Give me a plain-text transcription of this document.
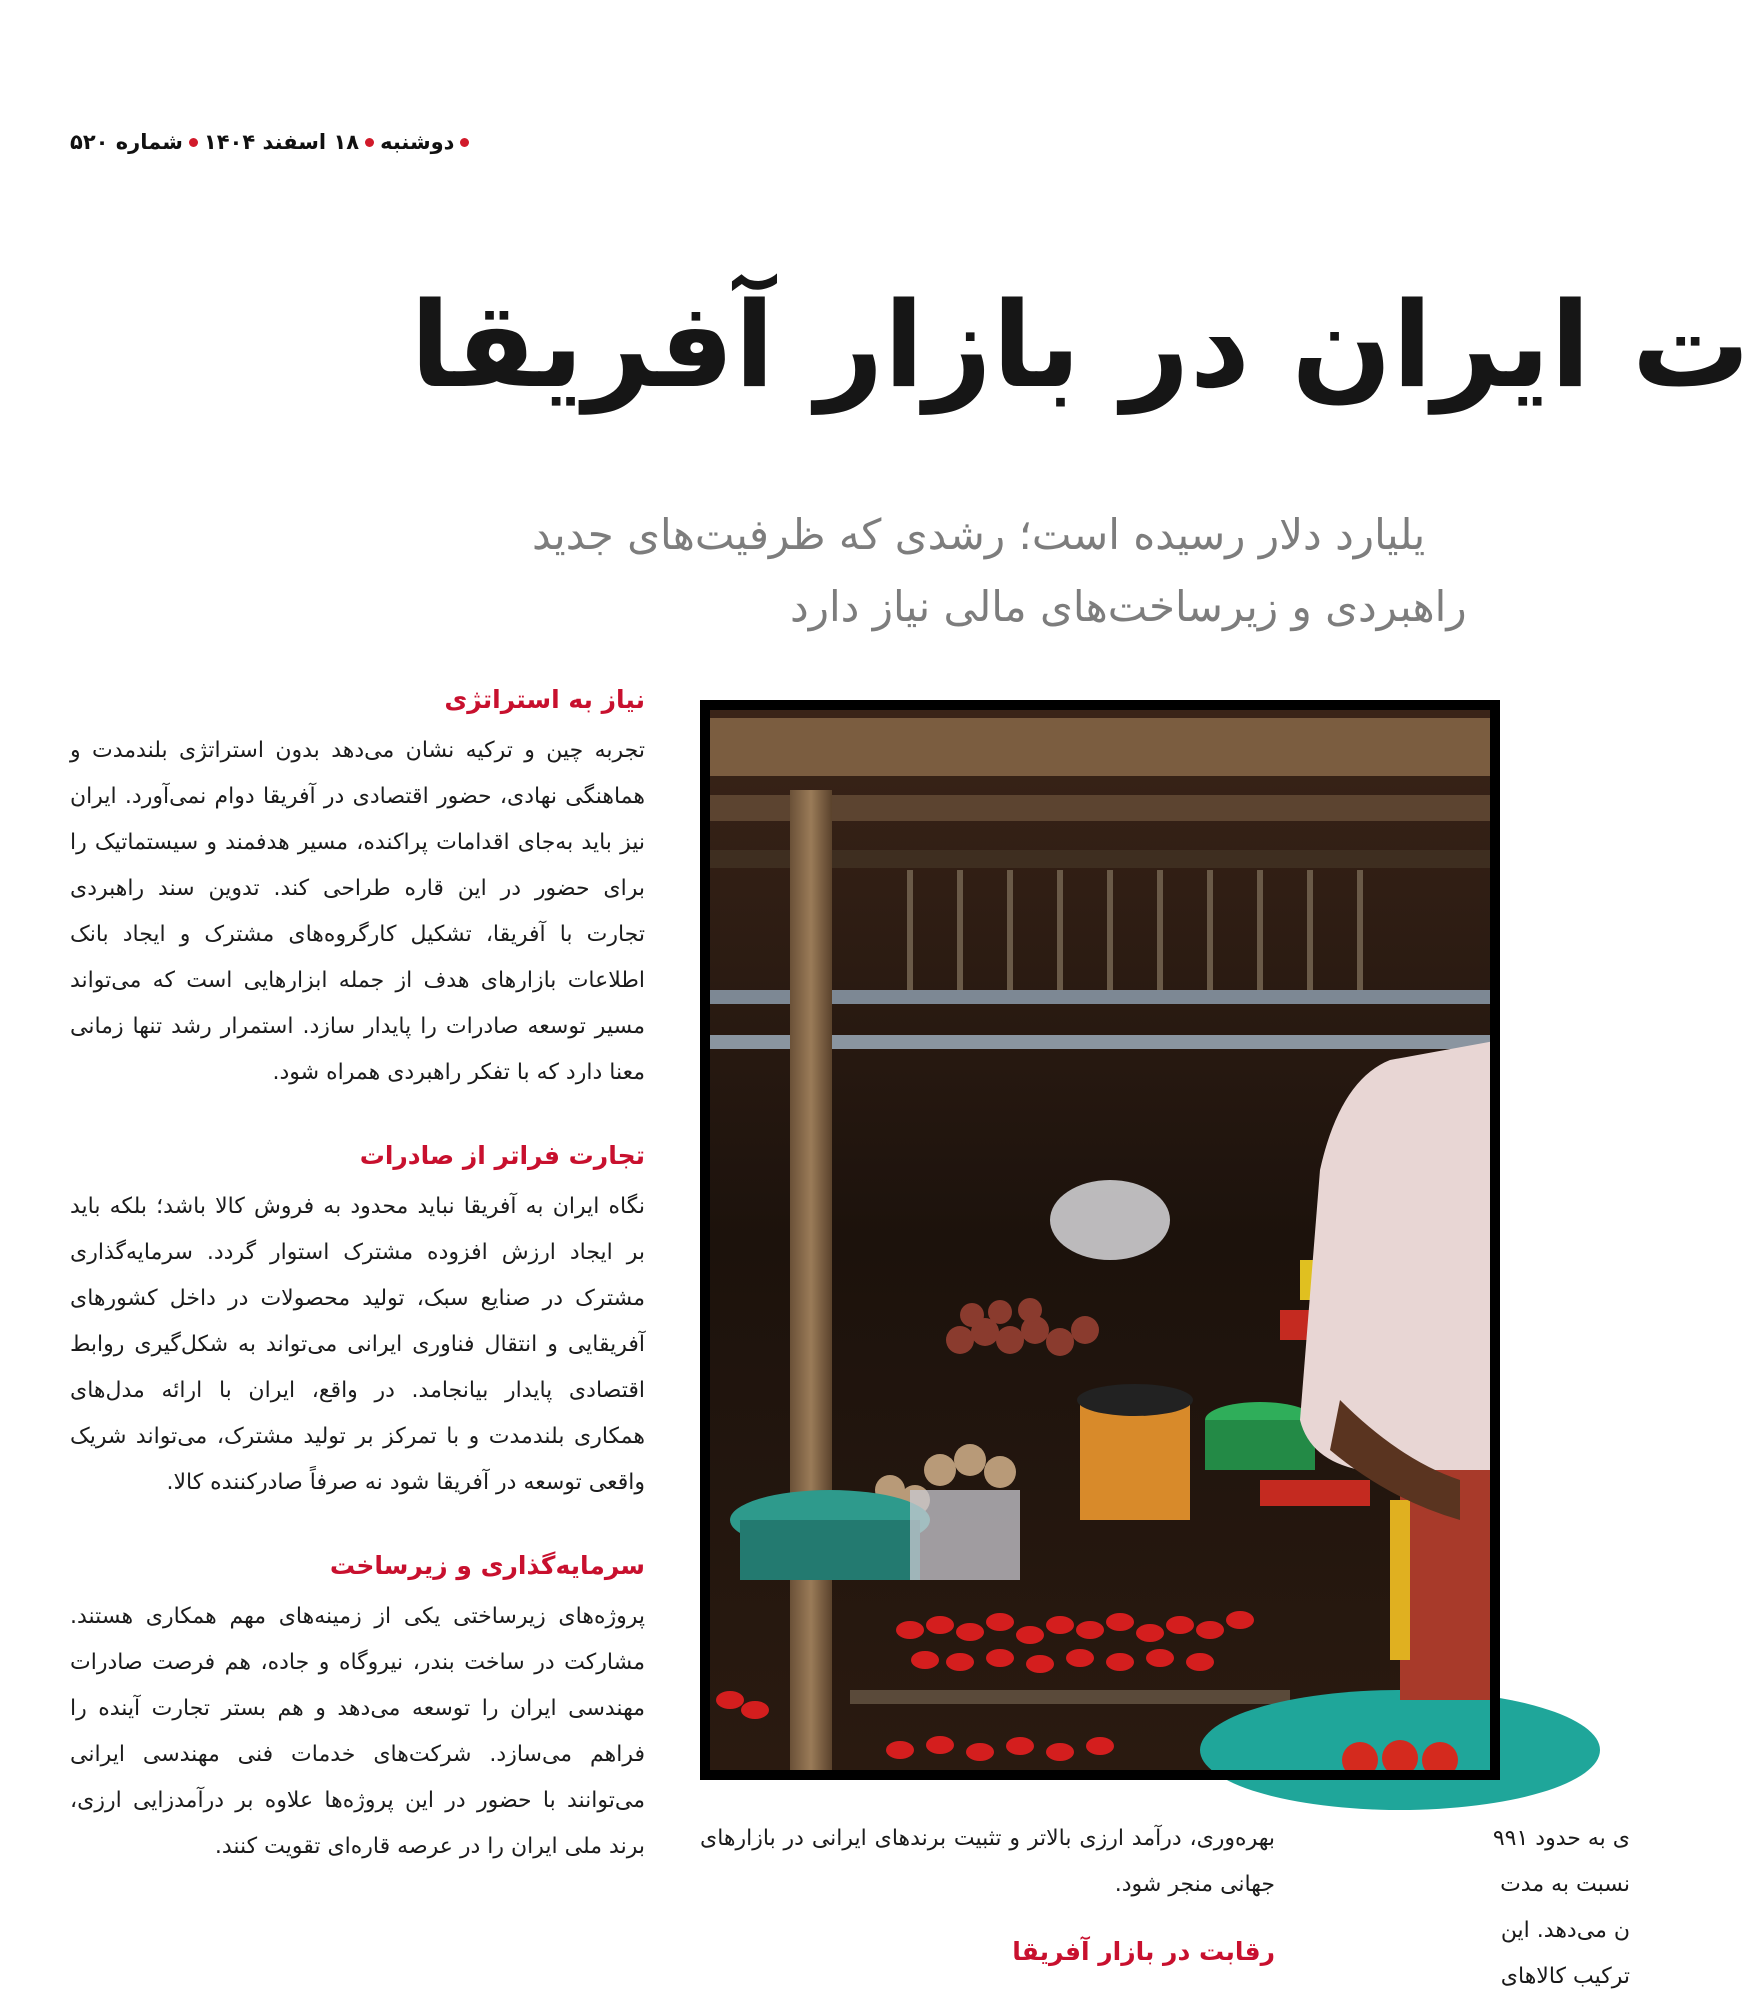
دوشنبه
۱۸ اسفند ۱۴۰۴
شماره ۵۲۰
ت ایران در بازار آفریقا
یلیارد دلار رسیده است؛ رشدی که ظرفیت‌های جدید
راهبردی و زیرساخت‌های مالی نیاز دارد
نیاز به استراتژی

تجربه چین و ترکیه نشان می‌دهد بدون استراتژی بلندمدت و هماهنگی نهادی، حضور اقتصادی در آفریقا دوام نمی‌آورد. ایران نیز باید به‌جای اقدامات پراکنده، مسیر هدفمند و سیستماتیک را برای حضور در این قاره طراحی کند. تدوین سند راهبردی تجارت با آفریقا، تشکیل کارگروه‌های مشترک و ایجاد بانک اطلاعات بازارهای هدف از جمله ابزارهایی است که می‌تواند مسیر توسعه صادرات را پایدار سازد. استمرار رشد تنها زمانی معنا دارد که با تفکر راهبردی همراه شود.

تجارت فراتر از صادرات

نگاه ایران به آفریقا نباید محدود به فروش کالا باشد؛ بلکه باید بر ایجاد ارزش افزوده مشترک استوار گردد. سرمایه‌گذاری مشترک در صنایع سبک، تولید محصولات در داخل کشورهای آفریقایی و انتقال فناوری ایرانی می‌تواند به شکل‌گیری روابط اقتصادی پایدار بیانجامد. در واقع، ایران با ارائه مدل‌های همکاری بلندمدت و با تمرکز بر تولید مشترک، می‌تواند شریک واقعی توسعه در آفریقا شود نه صرفاً صادرکننده کالا.

سرمایه‌گذاری و زیرساخت

پروژه‌های زیرساختی یکی از زمینه‌های مهم همکاری هستند. مشارکت در ساخت بندر، نیروگاه و جاده، هم فرصت صادرات مهندسی ایران را توسعه می‌دهد و هم بستر تجارت آینده را فراهم می‌سازد. شرکت‌های خدمات فنی مهندسی ایرانی می‌توانند با حضور در این پروژه‌ها علاوه بر درآمدزایی ارزی، برند ملی ایران را در عرصه قاره‌ای تقویت کنند.	بهره‌وری، درآمد ارزی بالاتر و تثبیت برندهای ایرانی در بازارهای جهانی منجر شود.

رقابت در بازار آفریقا

ی به حدود ۹۹۱

نسبت به مدت

ن می‌دهد. این

ترکیب کالاهای
